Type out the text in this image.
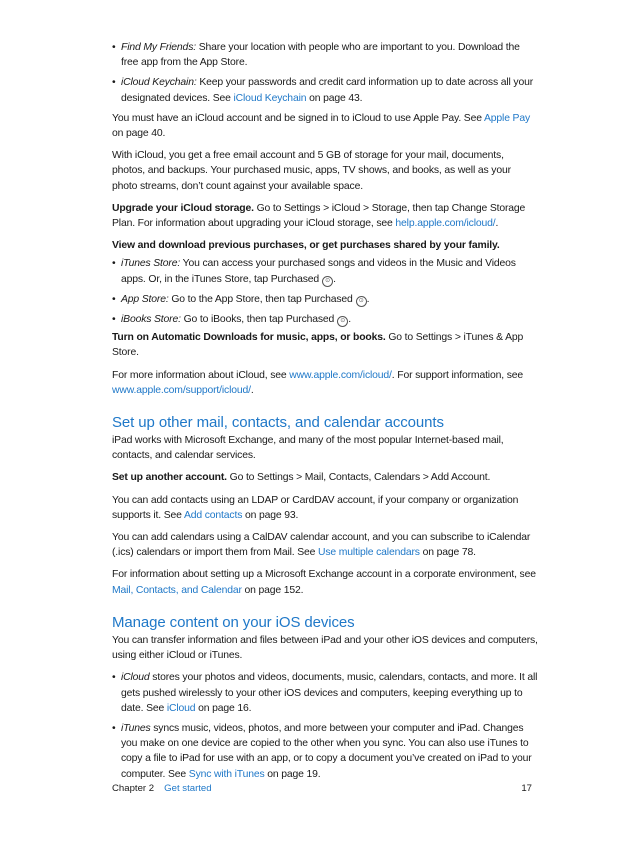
• Find My Friends: Share your location with people who are important to you. Download the free app from the App Store.

• iCloud Keychain: Keep your passwords and credit card information up to date across all your designated devices. See iCloud Keychain on page 43.

You must have an iCloud account and be signed in to iCloud to use Apple Pay. See Apple Pay on page 40.

With iCloud, you get a free email account and 5 GB of storage for your mail, documents, photos, and backups. Your purchased music, apps, TV shows, and books, as well as your photo streams, don’t count against your available space.

Upgrade your iCloud storage. Go to Settings > iCloud > Storage, then tap Change Storage Plan. For information about upgrading your iCloud storage, see help.apple.com/icloud/.

View and download previous purchases, or get purchases shared by your family.

• iTunes Store: You can access your purchased songs and videos in the Music and Videos apps. Or, in the iTunes Store, tap Purchased ⊙ .

• App Store: Go to the App Store, then tap Purchased ⊙ .

• iBooks Store: Go to iBooks, then tap Purchased ⊙ .

Turn on Automatic Downloads for music, apps, or books. Go to Settings > iTunes & App Store.

For more information about iCloud, see www.apple.com/icloud/. For support information, see www.apple.com/support/icloud/.

Set up other mail, contacts, and calendar accounts

iPad works with Microsoft Exchange, and many of the most popular Internet-based mail, contacts, and calendar services.

Set up another account. Go to Settings > Mail, Contacts, Calendars > Add Account.

You can add contacts using an LDAP or CardDAV account, if your company or organization supports it. See Add contacts on page 93.

You can add calendars using a CalDAV calendar account, and you can subscribe to iCalendar (.ics) calendars or import them from Mail. See Use multiple calendars on page 78.

For information about setting up a Microsoft Exchange account in a corporate environment, see Mail, Contacts, and Calendar on page 152.

Manage content on your iOS devices

You can transfer information and files between iPad and your other iOS devices and computers, using either iCloud or iTunes.

• iCloud stores your photos and videos, documents, music, calendars, contacts, and more. It all gets pushed wirelessly to your other iOS devices and computers, keeping everything up to date. See iCloud on page 16.

• iTunes syncs music, videos, photos, and more between your computer and iPad. Changes you make on one device are copied to the other when you sync. You can also use iTunes to copy a file to iPad for use with an app, or to copy a document you’ve created on iPad to your computer. See Sync with iTunes on page 19.

Chapter 2 Get started	17
